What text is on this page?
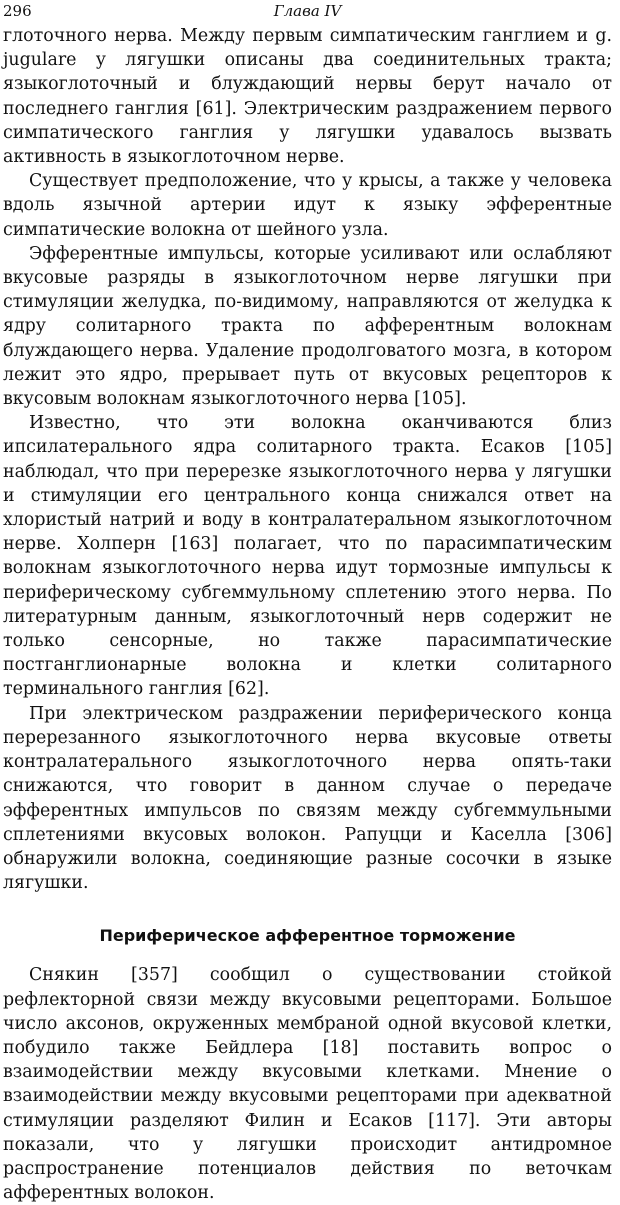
296	Глава IV

глоточного нерва. Между первым симпатическим ганглием и g. jugulare у лягушки описаны два соединительных тракта; языкоглоточный и блуждающий нервы берут начало от последнего ганглия [61]. Электрическим раздражением первого симпатического ганглия у лягушки удавалось вызвать активность в языкоглоточном нерве.

Существует предположение, что у крысы, а также у человека вдоль язычной артерии идут к языку эфферентные симпатические волокна от шейного узла.

Эфферентные импульсы, которые усиливают или ослабляют вкусовые разряды в языкоглоточном нерве лягушки при стимуляции желудка, по-видимому, направляются от желудка к ядру солитарного тракта по афферентным волокнам блуждающего нерва. Удаление продолговатого мозга, в котором лежит это ядро, прерывает путь от вкусовых рецепторов к вкусовым волокнам языкоглоточного нерва [105].

Известно, что эти волокна оканчиваются близ ипсилатерального ядра солитарного тракта. Есаков [105] наблюдал, что при перерезке языкоглоточного нерва у лягушки и стимуляции его центрального конца снижался ответ на хлористый натрий и воду в контралатеральном языкоглоточном нерве. Холперн [163] полагает, что по парасимпатическим волокнам языкоглоточного нерва идут тормозные импульсы к периферическому субгеммульному сплетению этого нерва. По литературным данным, языкоглоточный нерв содержит не только сенсорные, но также парасимпатические постганглионарные волокна и клетки солитарного терминального ганглия [62].

При электрическом раздражении периферического конца перерезанного языкоглоточного нерва вкусовые ответы контралатерального языкоглоточного нерва опять-таки снижаются, что говорит в данном случае о передаче эфферентных импульсов по связям между субгеммульными сплетениями вкусовых волокон. Рапуцци и Каселла [306] обнаружили волокна, соединяющие разные сосочки в языке лягушки.

Периферическое афферентное торможение

Снякин [357] сообщил о существовании стойкой рефлекторной связи между вкусовыми рецепторами. Большое число аксонов, окруженных мембраной одной вкусовой клетки, побудило также Бейдлера [18] поставить вопрос о взаимодействии между вкусовыми клетками. Мнение о взаимодействии между вкусовыми рецепторами при адекватной стимуляции разделяют Филин и Есаков [117]. Эти авторы показали, что у лягушки происходит антидромное распространение потенциалов действия по веточкам афферентных волокон.
